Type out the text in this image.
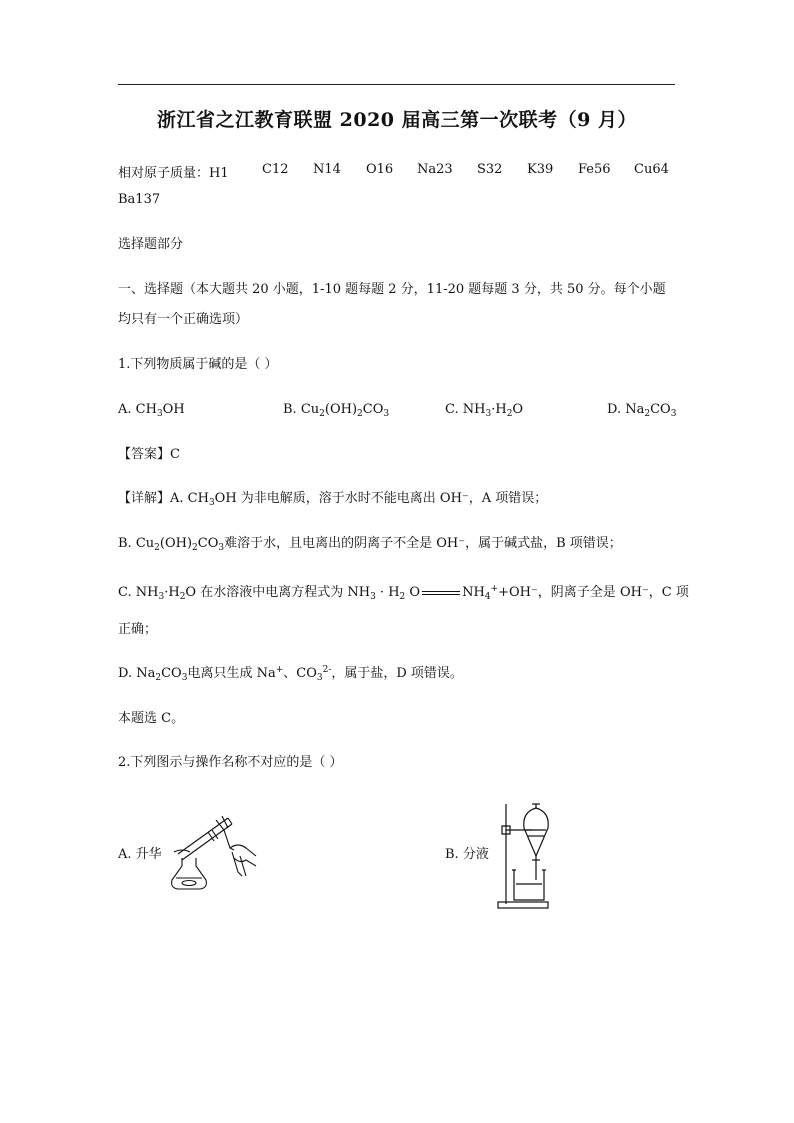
浙江省之江教育联盟 2020 届高三第一次联考（9 月）
相对原子质量：H1	C12 N14 O16 Na23 S32 K39 Fe56 Cu64
Ba137
选择题部分
一、选择题（本大题共 20 小题，1-10 题每题 2 分，11-20 题每题 3 分，共 50 分。每个小题
均只有一个正确选项）
1.下列物质属于碱的是（ ）
A. $CH_3OH$	B. $Cu_2(OH)_2CO_3$	C. $NH_3\cdot H_2O$	D. $Na_2CO_3$
【答案】C
【详解】A. $CH_3OH$ 为非电解质，溶于水时不能电离出 OH⁻，A 项错误；
B. $Cu_2(OH)_2CO_3$难溶于水，且电离出的阴离子不全是 OH⁻，属于碱式盐，B 项错误；
C. $NH_3\cdot H_2O$ 在水溶液中电离方程式为 $NH_3 \cdot H_2$ O	$NH_4^++OH^-$，阴离子全是 OH⁻，C 项
正确；
D. $Na_2CO_3$电离只生成 Na+、$CO_3^{2-}$，属于盐，D 项错误。
本题选 C。
2.下列图示与操作名称不对应的是（ ）
A. 升华	B. 分液
